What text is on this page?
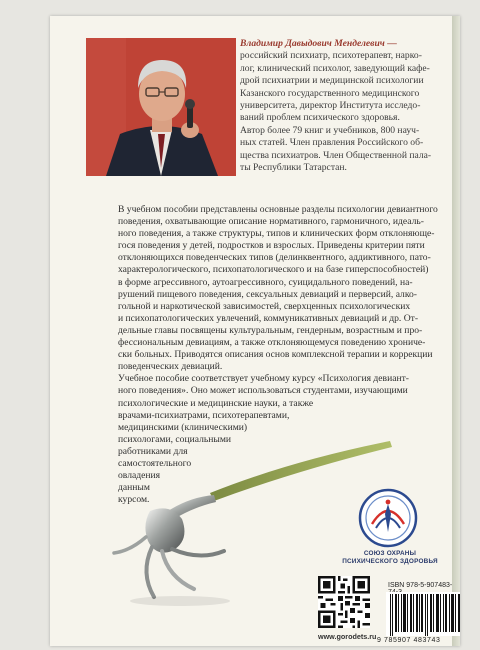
Владимир Давыдович Менделевич —
российский психиатр, психотерапевт, нарко-
лог, клинический психолог, заведующий кафе-
дрой психиатрии и медицинской психологии
Казанского государственного медицинского
университета, директор Института исследо-
ваний проблем психического здоровья.
Автор более 79 книг и учебников, 800 науч-
ных статей. Член правления Российского об-
щества психиатров. Член Общественной пала-
ты Республики Татарстан.

В учебном пособии представлены основные разделы психологии девиантного
поведения, охватывающие описание нормативного, гармоничного, идеаль-
ного поведения, а также структуры, типов и клинических форм отклоняюще-
гося поведения у детей, подростков и взрослых. Приведены критерии пяти
отклоняющихся поведенческих типов (делинквентного, аддиктивного, пато-
характерологического, психопатологического и на базе гиперспособностей)
в форме агрессивного, аутоагрессивного, суицидального поведений, на-
рушений пищевого поведения, сексуальных девиаций и перверсий, алко-
гольной и наркотической зависимостей, сверхценных психологических
и психопатологических увлечений, коммуникативных девиаций и др. От-
дельные главы посвящены культуральным, гендерным, возрастным и про-
фессиональным девиациям, а также отклоняющемуся поведению хрониче-
ски больных. Приводятся описания основ комплексной терапии и коррекции
поведенческих девиаций.

Учебное пособие соответствует учебному курсу «Психология девиант-
ного поведения». Оно может использоваться студентами, изучающими
психологические и медицинские науки, а также
врачами-психиатрами, психотерапевтами,
медицинскими (клиническими)
психологами, социальными
работниками для
самостоятельного
овладения
данным
курсом.

СОЮЗ ОХРАНЫ
ПСИХИЧЕСКОГО ЗДОРОВЬЯ
ISBN 978-5-907483-
9 785907 483743
www.gorodets.ru
